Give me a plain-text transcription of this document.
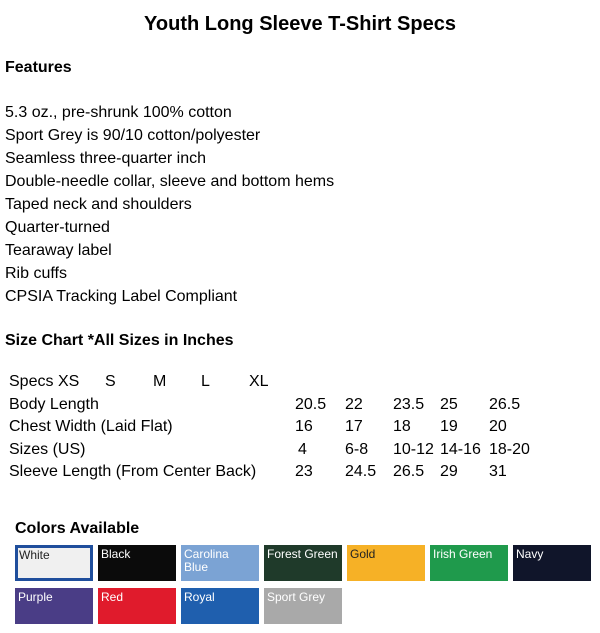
Youth Long Sleeve T-Shirt Specs
Features
5.3 oz., pre-shrunk 100% cotton
Sport Grey is 90/10 cotton/polyester
Seamless three-quarter inch
Double-needle collar, sleeve and bottom hems
Taped neck and shoulders
Quarter-turned
Tearaway label
Rib cuffs
CPSIA Tracking Label Compliant
Size Chart *All Sizes in Inches
Specs XS S M L XL
Body Length	20.5 22 23.5 25 26.5
Chest Width (Laid Flat)	16 17 18 19 20
Sizes (US)	4 6-8 10-12 14-16 18-20
Sleeve Length (From Center Back) 23 24.5 26.5 29 31
Colors Available
White	Black	Carolina Blue
Forest Green	Gold	Irish Green	Navy
Purple	Red	Royal	Sport Grey
